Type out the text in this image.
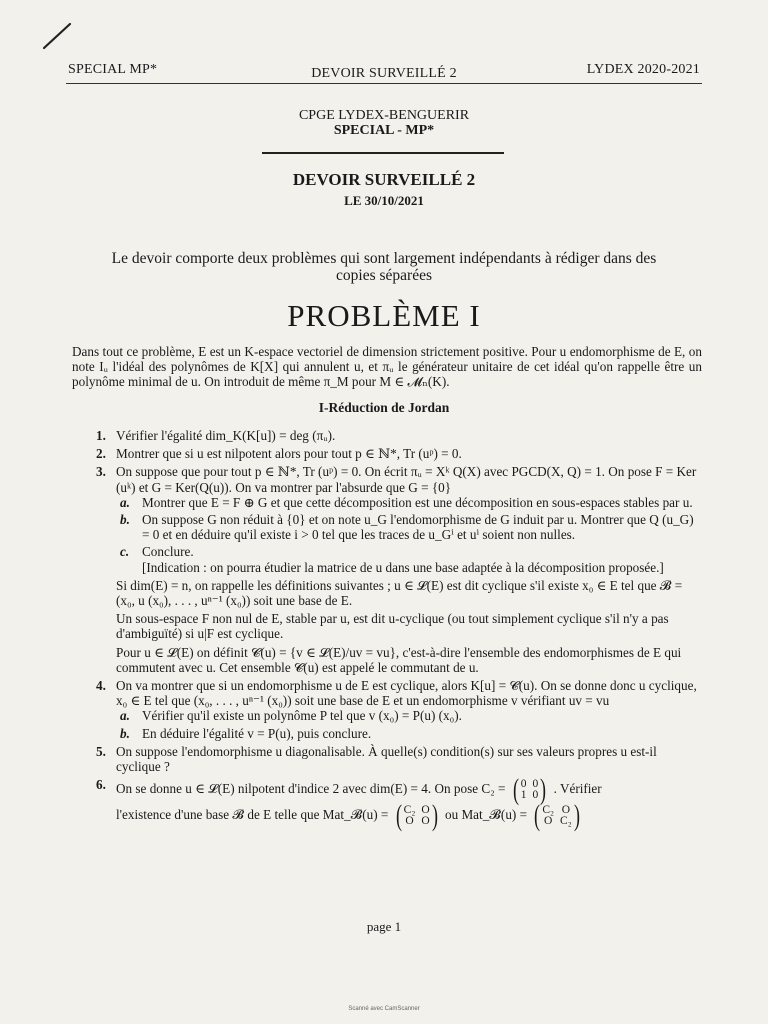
SPECIAL MP*	DEVOIR SURVEILLÉ 2	LYDEX 2020-2021
CPGE LYDEX-BENGUERIR
SPECIAL - MP*
DEVOIR SURVEILLÉ 2
LE 30/10/2021
Le devoir comporte deux problèmes qui sont largement indépendants à rédiger dans des copies séparées
PROBLÈME I
Dans tout ce problème, E est un K-espace vectoriel de dimension strictement positive. Pour u endomorphisme de E, on note Iᵤ l'idéal des polynômes de K[X] qui annulent u, et πᵤ le générateur unitaire de cet idéal qu'on rappelle être un polynôme minimal de u. On introduit de même π_M pour M ∈ 𝓜ₙ(K).
I-Réduction de Jordan
1. Vérifier l'égalité dim_K(K[u]) = deg (πᵤ).
2. Montrer que si u est nilpotent alors pour tout p ∈ ℕ*, Tr (uᵖ) = 0.
3. On suppose que pour tout p ∈ ℕ*, Tr (uᵖ) = 0. On écrit πᵤ = Xᵏ Q(X) avec PGCD(X, Q) = 1. On pose F = Ker (uᵏ) et G = Ker(Q(u)). On va montrer par l'absurde que G = {0}
a. Montrer que E = F ⊕ G et que cette décomposition est une décomposition en sous-espaces stables par u.
b. On suppose G non réduit à {0} et on note u_G l'endomorphisme de G induit par u. Montrer que Q (u_G) = 0 et en déduire qu'il existe i > 0 tel que les traces de u_Gⁱ et uⁱ soient non nulles.
c. Conclure.
[Indication : on pourra étudier la matrice de u dans une base adaptée à la décomposition proposée.]
Si dim(E) = n, on rappelle les définitions suivantes ; u ∈ 𝓛(E) est dit cyclique s'il existe x₀ ∈ E tel que 𝓑 = (x₀, u (x₀), . . . , uⁿ⁻¹ (x₀)) soit une base de E.
Un sous-espace F non nul de E, stable par u, est dit u-cyclique (ou tout simplement cyclique s'il n'y a pas d'ambiguïté) si u|F est cyclique.
Pour u ∈ 𝓛(E) on définit 𝓒(u) = {v ∈ 𝓛(E)/uv = vu}, c'est-à-dire l'ensemble des endomorphismes de E qui commutent avec u. Cet ensemble 𝓒(u) est appelé le commutant de u.
4. On va montrer que si un endomorphisme u de E est cyclique, alors K[u] = 𝓒(u). On se donne donc u cyclique, x₀ ∈ E tel que (x₀, . . . , uⁿ⁻¹ (x₀)) soit une base de E et un endomorphisme v vérifiant uv = vu
a. Vérifier qu'il existe un polynôme P tel que v (x₀) = P(u) (x₀).
b. En déduire l'égalité v = P(u), puis conclure.
5. On suppose l'endomorphisme u diagonalisable. À quelle(s) condition(s) sur ses valeurs propres u est-il cyclique ?
6. On se donne u ∈ 𝓛(E) nilpotent d'indice 2 avec dim(E) = 4. On pose C₂ = ( 0 0
1 0 ) . Vérifier
l'existence d'une base 𝓑 de E telle que Mat_𝓑(u) = ( C₂ O
O O ) ou Mat_𝓑(u) = ( C₂ O
O C₂ )
page 1
Scanné avec CamScanner
